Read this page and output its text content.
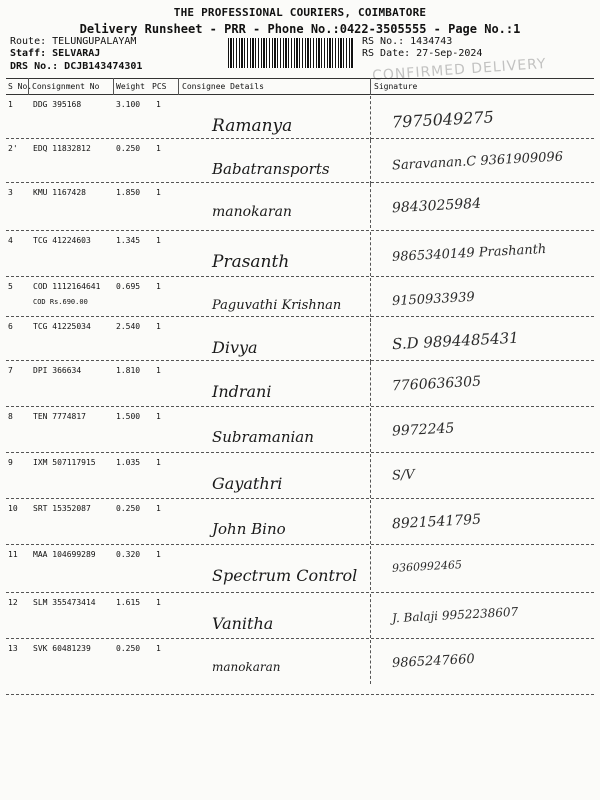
THE PROFESSIONAL COURIERS, COIMBATORE
Delivery Runsheet - PRR - Phone No.:0422-3505555 - Page No.:1
Route: TELUNGUPALAYAM
Staff: SELVARAJ
DRS No.: DCJB143474301
RS No.: 1434743
RS Date: 27-Sep-2024
CONFIRMED DELIVERY
S No. Consignment No Weight PCS Consignee Details	Signature
1	DDG 395168	3.100 1
Ramanya	7975049275
2' EDQ 11832812	0.250 1
Babatransports	Saravanan.C 9361909096
3	KMU 1167428	1.850 1
manokaran	9843025984
4	TCG 41224603	1.345 1
Prasanth	9865340149 Prashanth
5	COD 1112164641 0.695 1
COD Rs.690.00	Paguvathi Krishnan	9150933939
6	TCG 41225034	2.540 1
Divya	S.D 9894485431
7	DPI 366634	1.810 1
Indrani	7760636305
8	TEN 7774817	1.500 1
Subramanian	9972245
9	IXM 507117915	1.035 1
Gayathri	S/V
10 SRT 15352087	0.250 1
John Bino	8921541795
11 MAA 104699289	0.320 1
Spectrum Control	9360992465
12 SLM 355473414	1.615 1
Vanitha	J. Balaji 9952238607
13 SVK 60481239	0.250 1
manokaran	9865247660
